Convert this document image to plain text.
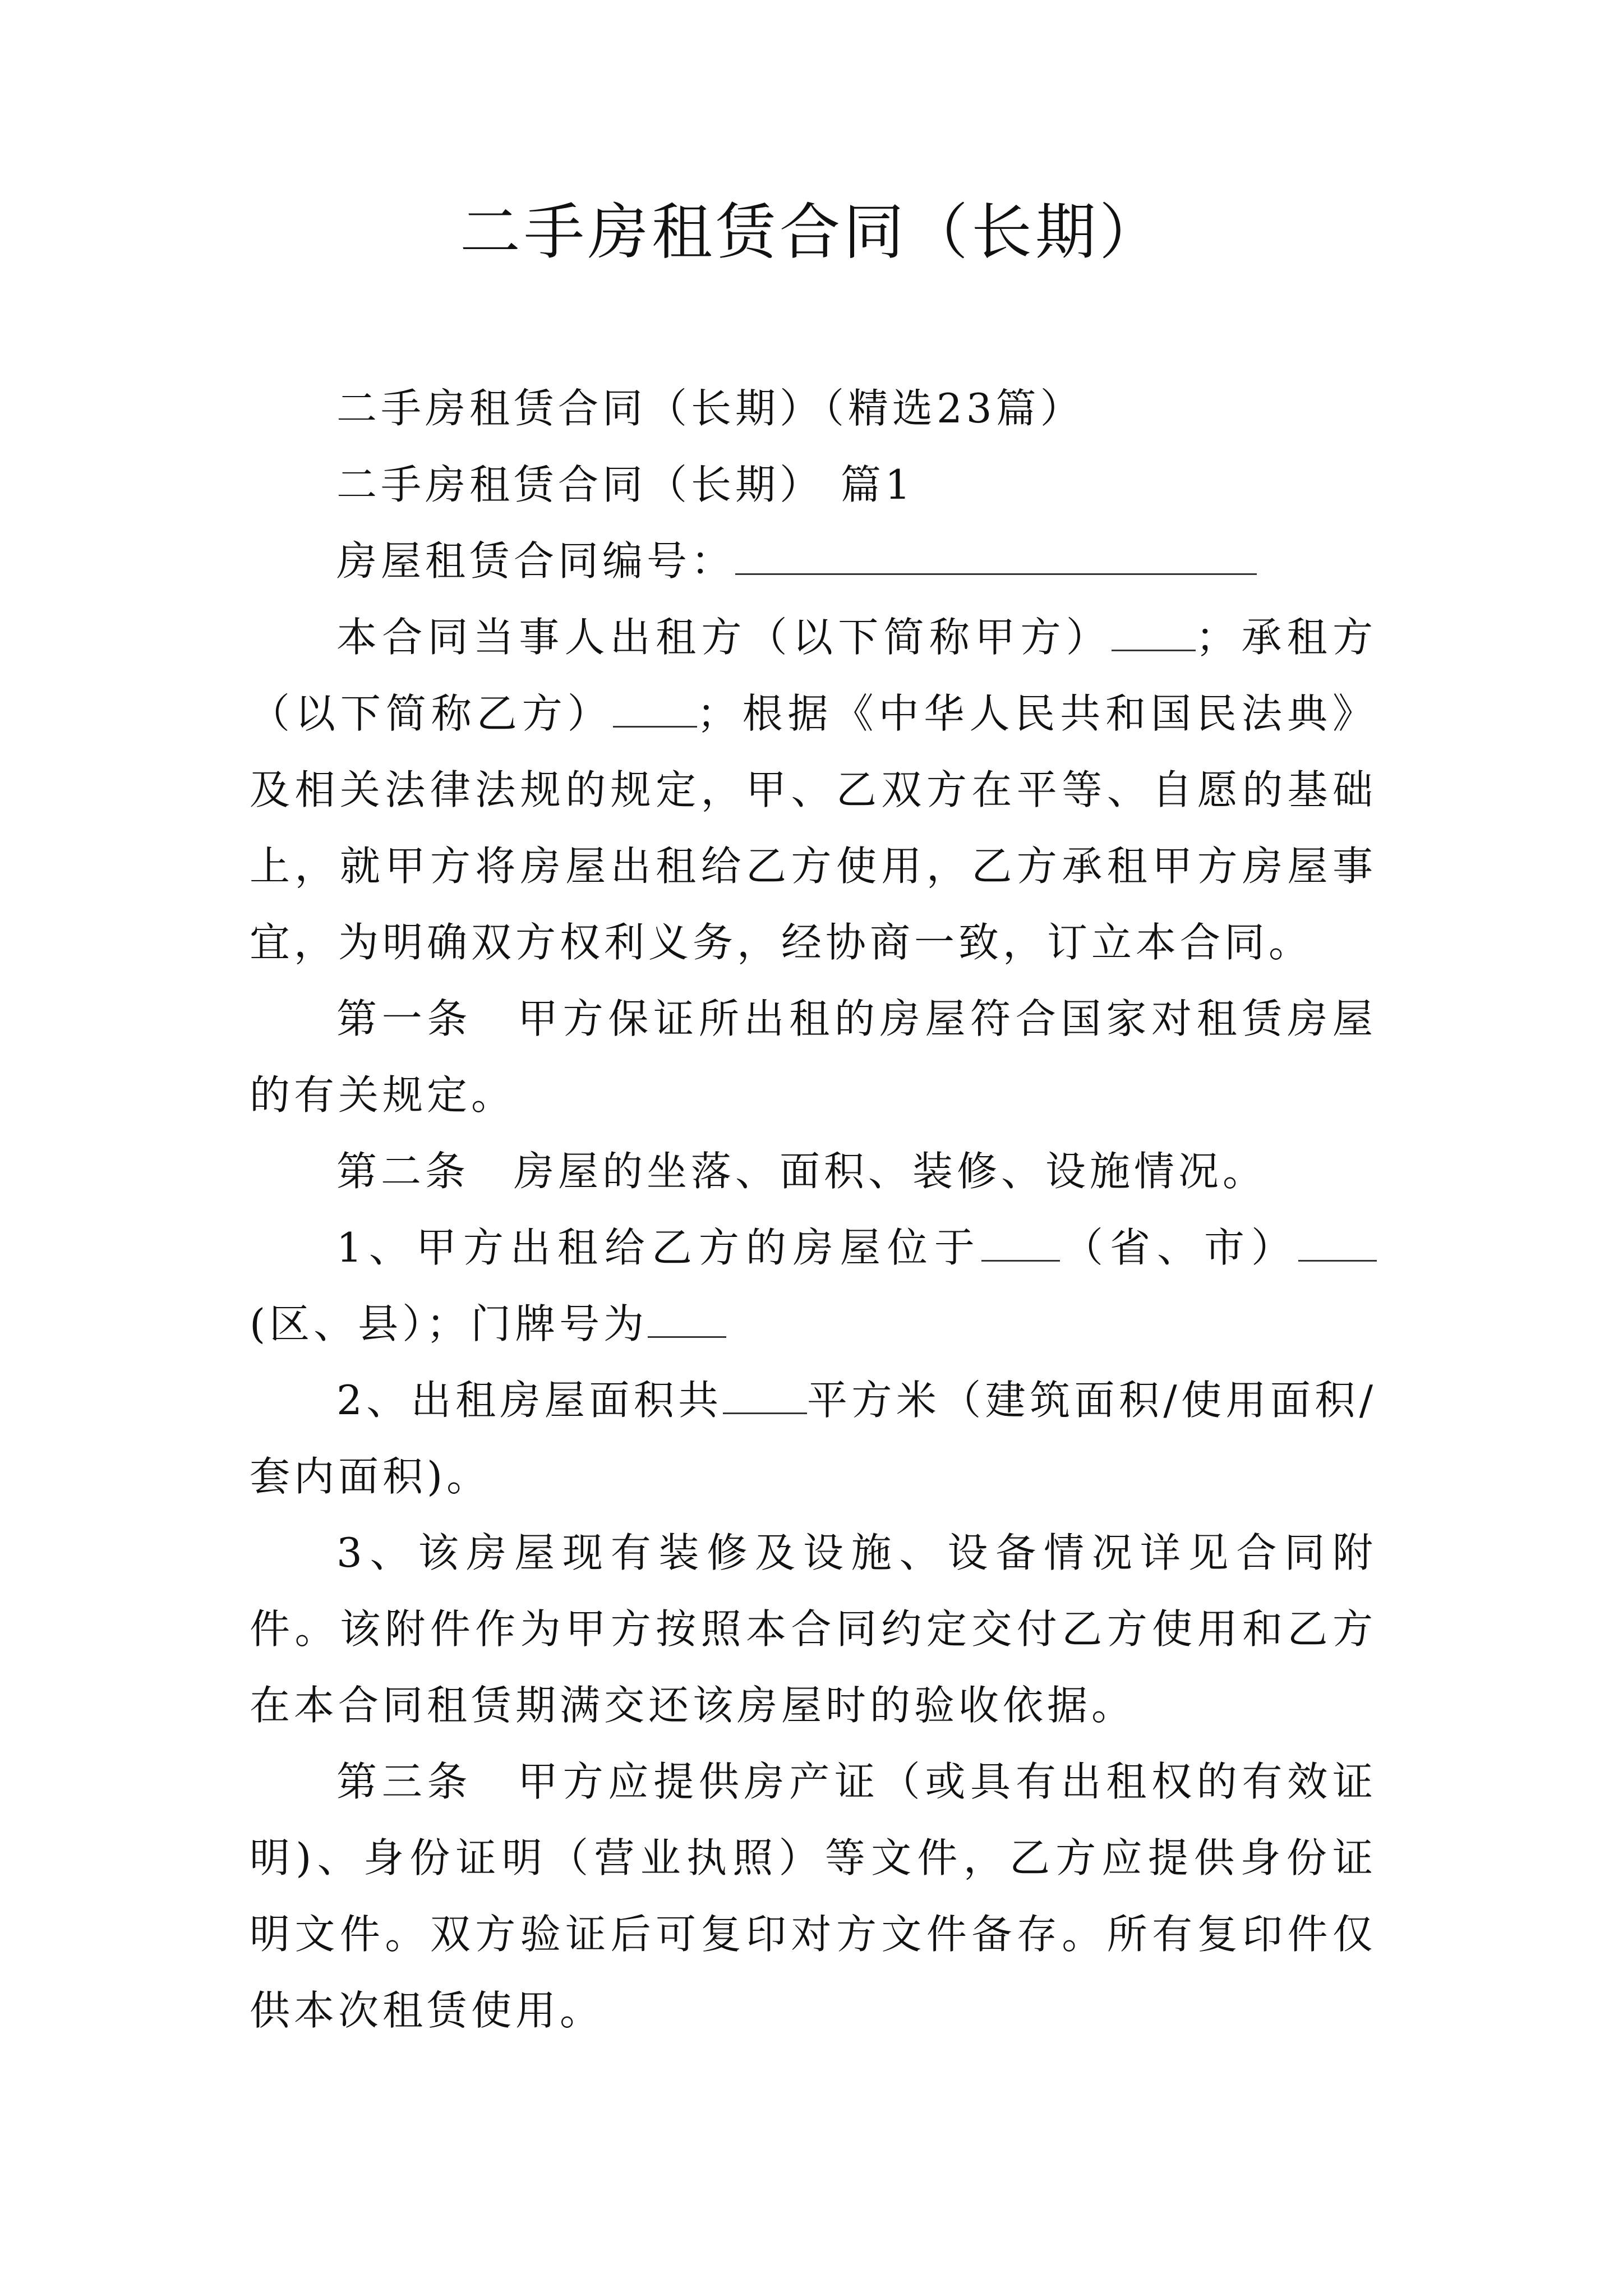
二手房租赁合同（长期）

二手房租赁合同（长期）（精选23篇）

二手房租赁合同（长期） 篇1

房屋租赁合同编号：

本合同当事人出租方（以下简称甲方） ；承租方（以下简称乙方） ；根据《中华人民共和国民法典》及相关法律法规的规定，甲、乙双方在平等、自愿的基础上，就甲方将房屋出租给乙方使用，乙方承租甲方房屋事宜，为明确双方权利义务，经协商一致，订立本合同。

第一条　甲方保证所出租的房屋符合国家对租赁房屋的有关规定。

第二条　房屋的坐落、面积、装修、设施情况。

1、甲方出租给乙方的房屋位于 （省、市）(区、县）；门牌号为

2、出租房屋面积共 平方米（建筑面积/使用面积/套内面积)。

3、该房屋现有装修及设施、设备情况详见合同附件。该附件作为甲方按照本合同约定交付乙方使用和乙方在本合同租赁期满交还该房屋时的验收依据。

第三条　甲方应提供房产证（或具有出租权的有效证明)、身份证明（营业执照）等文件，乙方应提供身份证明文件。双方验证后可复印对方文件备存。所有复印件仅供本次租赁使用。
